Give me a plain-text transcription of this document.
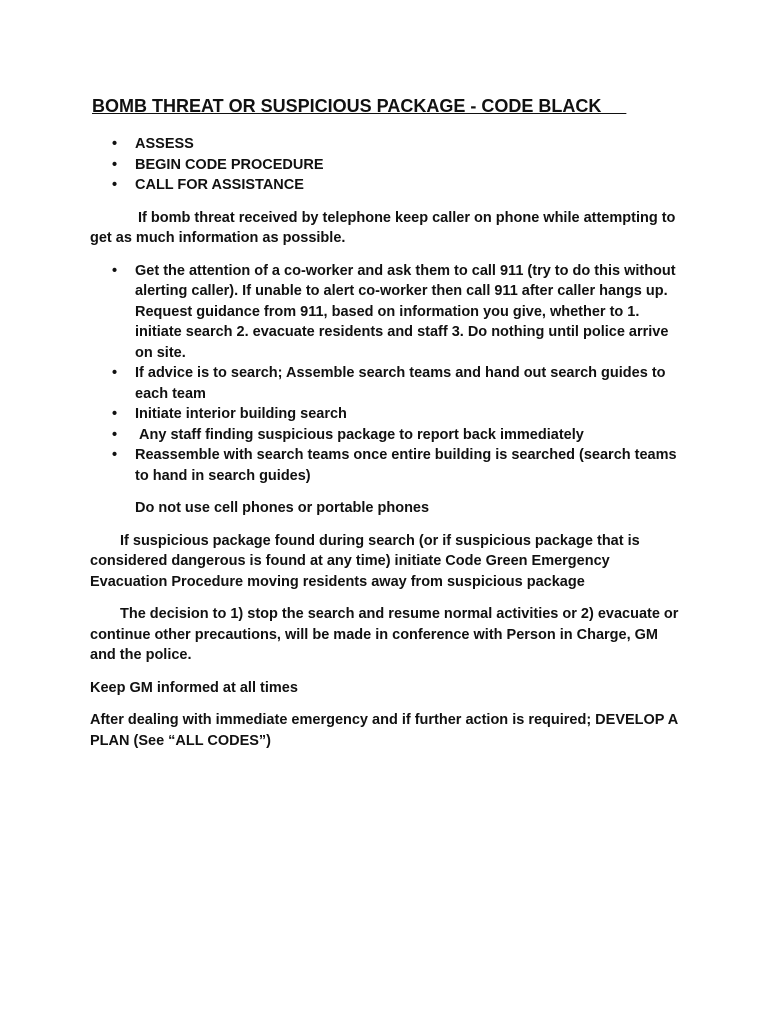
BOMB THREAT OR SUSPICIOUS PACKAGE - CODE BLACK
• ASSESS
• BEGIN CODE PROCEDURE
• CALL FOR ASSISTANCE

If bomb threat received by telephone keep caller on phone while attempting to get as much information as possible.

• Get the attention of a co-worker and ask them to call 911 (try to do this without alerting caller). If unable to alert co-worker then call 911 after caller hangs up. Request guidance from 911, based on information you give, whether to 1. initiate search 2. evacuate residents and staff 3. Do nothing until police arrive on site.
• If advice is to search; Assemble search teams and hand out search guides to each team
• Initiate interior building search
•  Any staff finding suspicious package to report back immediately
• Reassemble with search teams once entire building is searched (search teams to hand in search guides)

Do not use cell phones or portable phones

If suspicious package found during search (or if suspicious package that is considered dangerous is found at any time) initiate Code Green Emergency Evacuation Procedure moving residents away from suspicious package

The decision to 1) stop the search and resume normal activities or 2) evacuate or continue other precautions, will be made in conference with Person in Charge, GM and the police.

Keep GM informed at all times

After dealing with immediate emergency and if further action is required; DEVELOP A PLAN (See “ALL CODES”)
